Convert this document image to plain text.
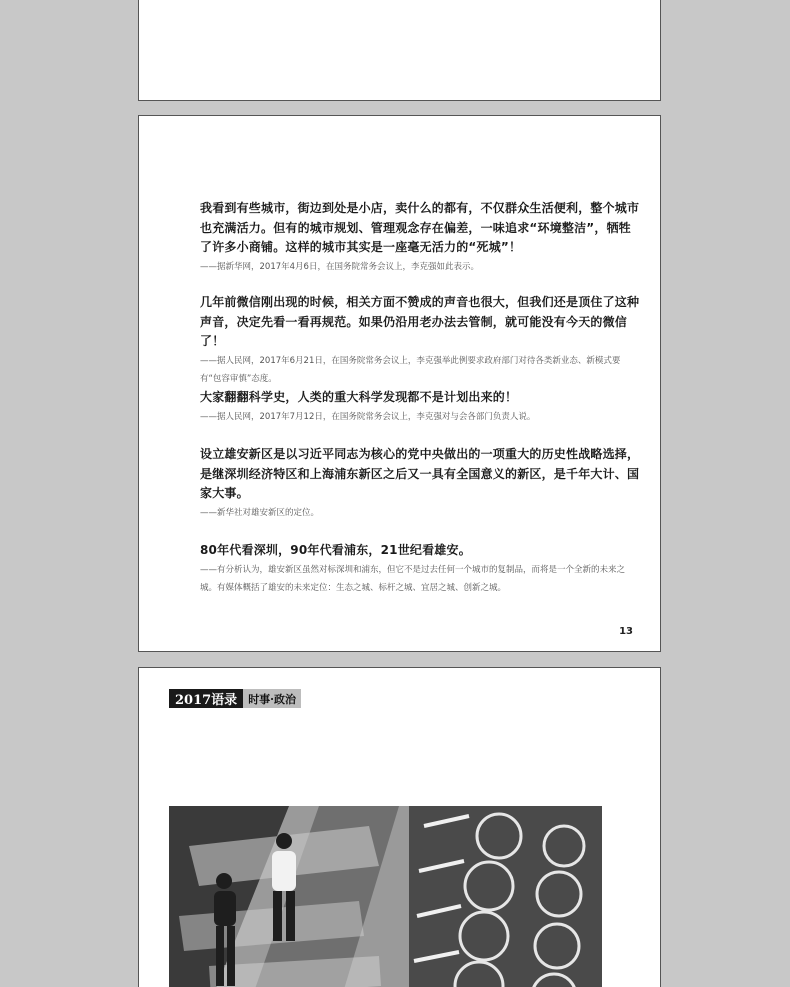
我看到有些城市，街边到处是小店，卖什么的都有，不仅群众生活便利，整个城市也充满活力。但有的城市规划、管理观念存在偏差，一味追求“环境整洁”，牺牲了许多小商铺。这样的城市其实是一座毫无活力的“死城”！

——据新华网，2017年4月6日，在国务院常务会议上，李克强如此表示。

几年前微信刚出现的时候，相关方面不赞成的声音也很大，但我们还是顶住了这种声音，决定先看一看再规范。如果仍沿用老办法去管制，就可能没有今天的微信了！

——据人民网，2017年6月21日，在国务院常务会议上，李克强举此例要求政府部门对待各类新业态、新模式要有“包容审慎”态度。

大家翻翻科学史，人类的重大科学发现都不是计划出来的！

——据人民网，2017年7月12日，在国务院常务会议上，李克强对与会各部门负责人说。

设立雄安新区是以习近平同志为核心的党中央做出的一项重大的历史性战略选择，是继深圳经济特区和上海浦东新区之后又一具有全国意义的新区，是千年大计、国家大事。

——新华社对雄安新区的定位。

80年代看深圳，90年代看浦东，21世纪看雄安。

——有分析认为，雄安新区虽然对标深圳和浦东，但它不是过去任何一个城市的复制品，而将是一个全新的未来之城。有媒体概括了雄安的未来定位：生态之城、标杆之城、宜居之城、创新之城。

13
2017语录	时事·政治
